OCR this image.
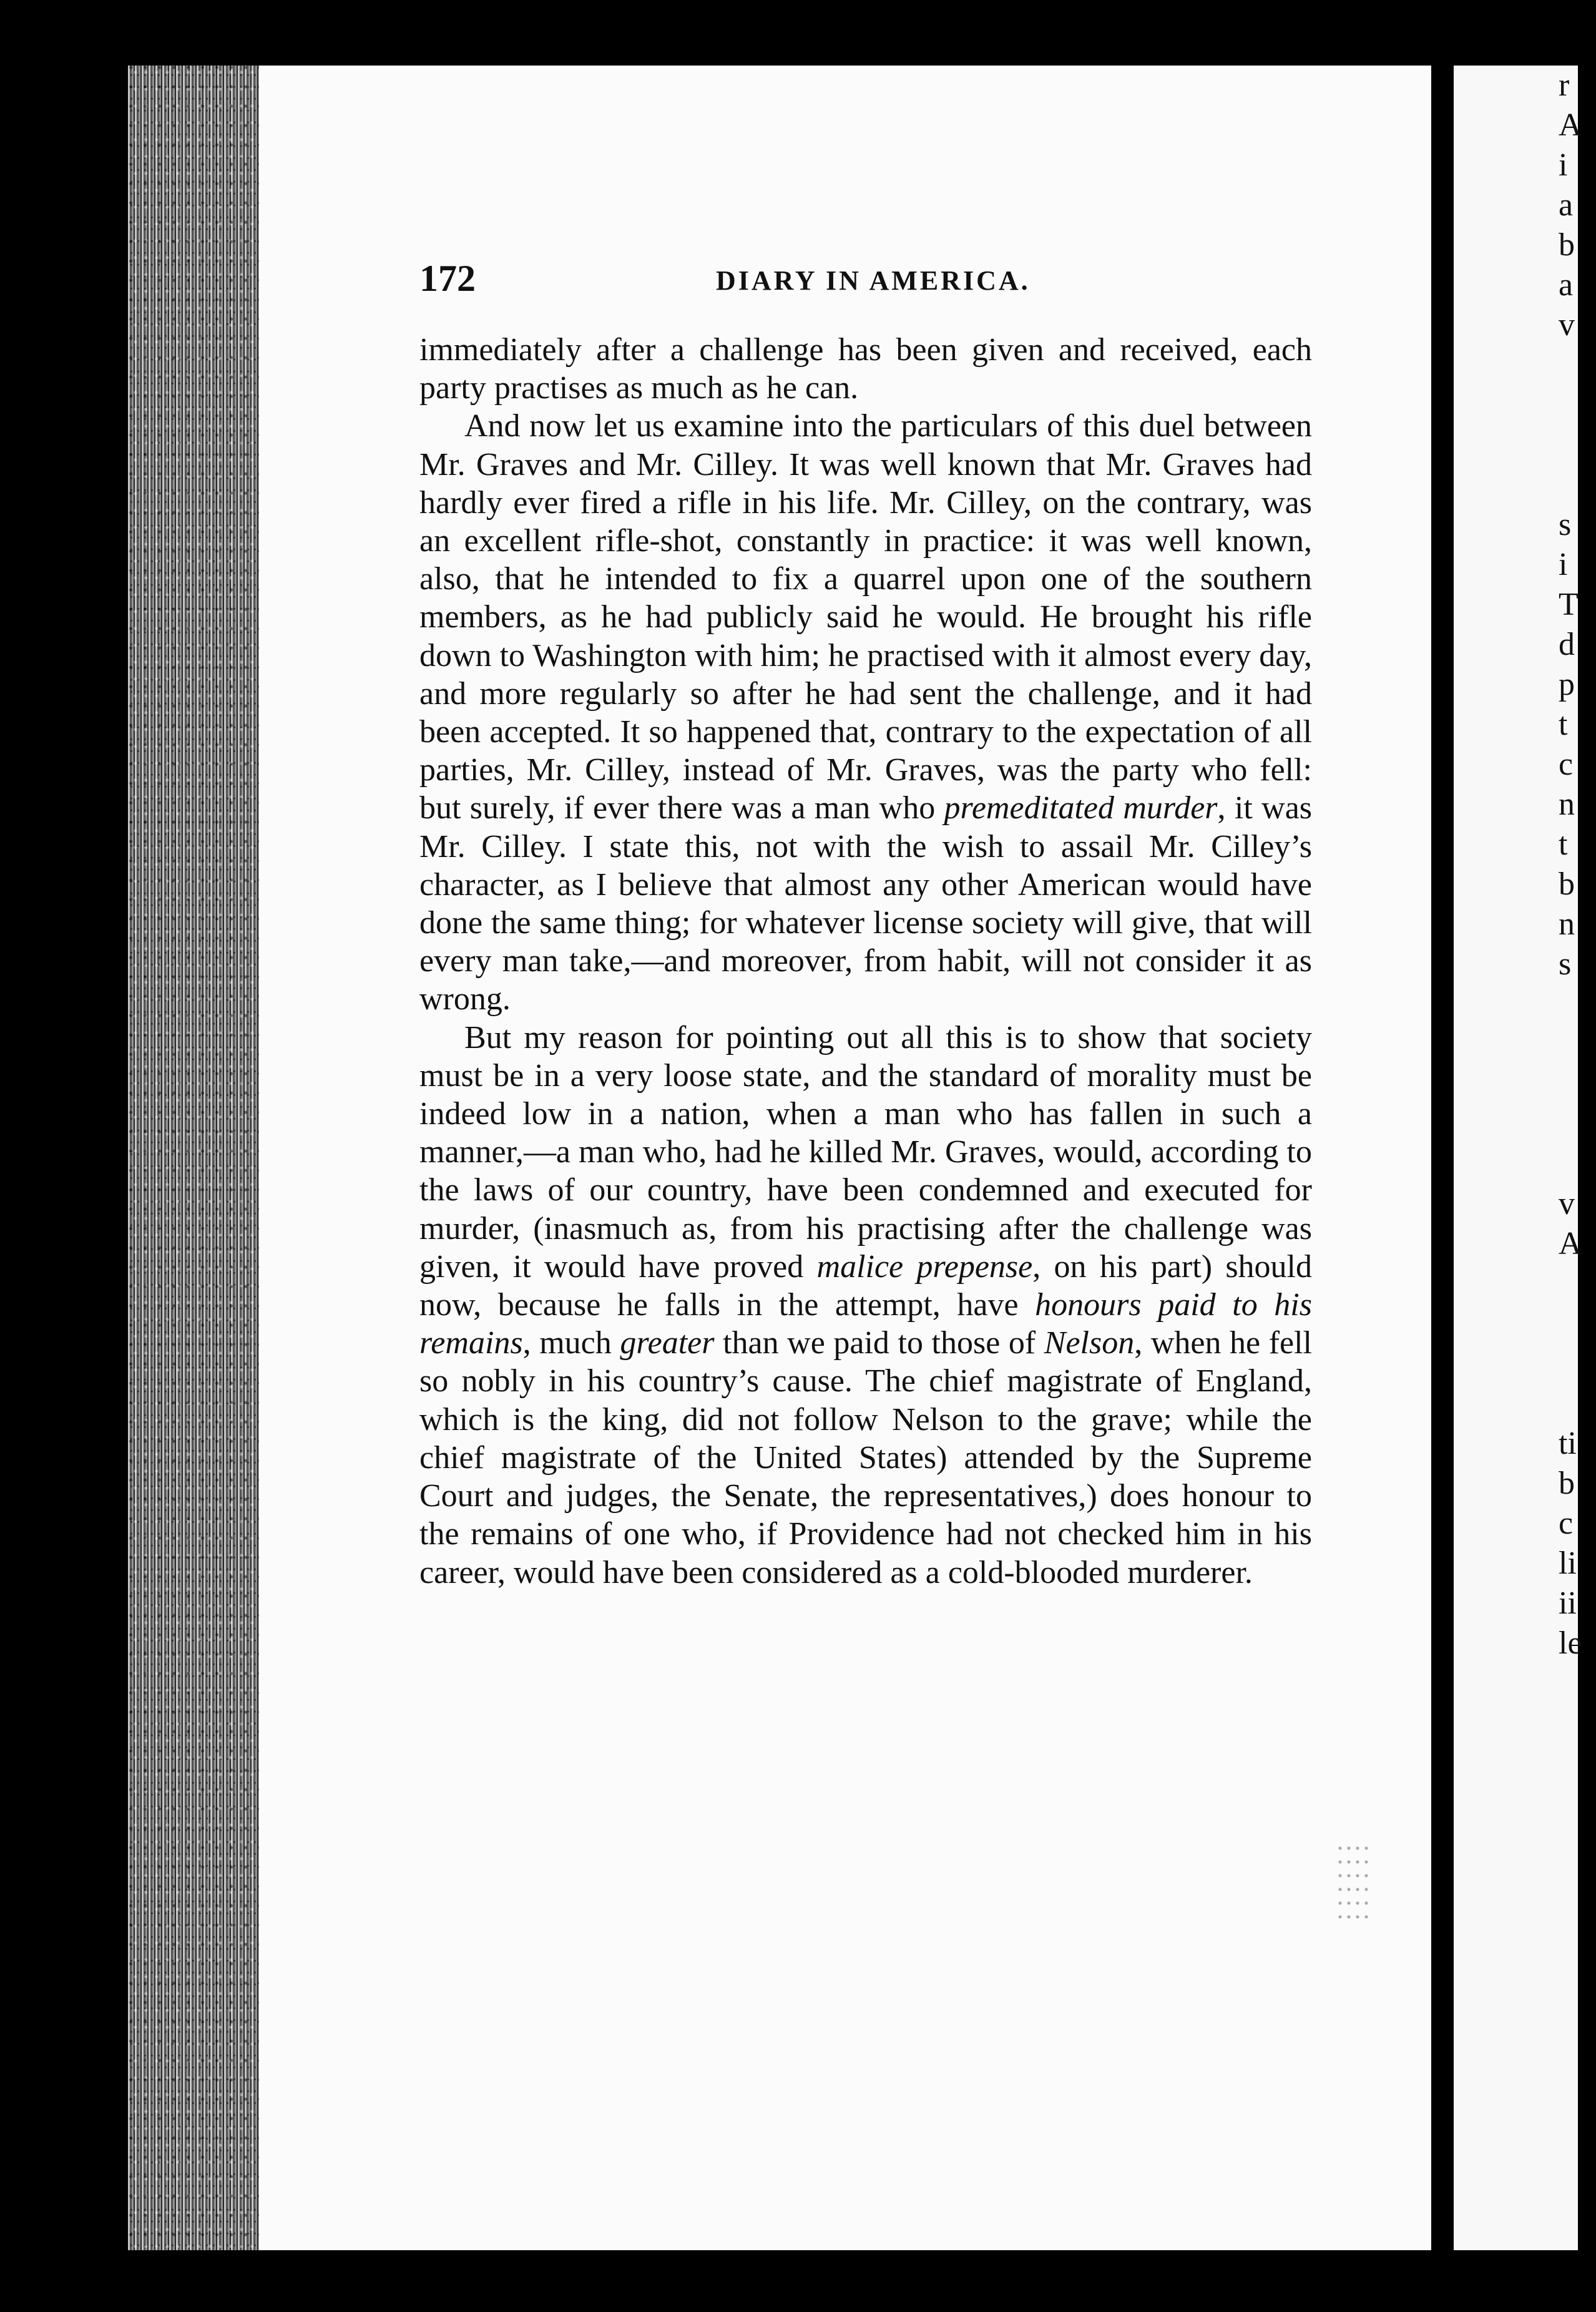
172	DIARY IN AMERICA.

immediately after a challenge has been given and received, each party practises as much as he can.

And now let us examine into the particulars of this duel between Mr. Graves and Mr. Cilley. It was well known that Mr. Graves had hardly ever fired a rifle in his life. Mr. Cilley, on the contrary, was an excellent rifle-shot, constantly in practice: it was well known, also, that he intended to fix a quarrel upon one of the southern members, as he had publicly said he would. He brought his rifle down to Washington with him; he practised with it almost every day, and more regularly so after he had sent the challenge, and it had been accepted. It so happened that, contrary to the expectation of all parties, Mr. Cilley, instead of Mr. Graves, was the party who fell: but surely, if ever there was a man who premeditated murder, it was Mr. Cilley. I state this, not with the wish to assail Mr. Cilley’s character, as I believe that almost any other American would have done the same thing; for whatever license society will give, that will every man take,—and moreover, from habit, will not consider it as wrong.

But my reason for pointing out all this is to show that society must be in a very loose state, and the standard of morality must be indeed low in a nation, when a man who has fallen in such a manner,—a man who, had he killed Mr. Graves, would, according to the laws of our country, have been condemned and executed for murder, (inasmuch as, from his practising after the challenge was given, it would have proved malice prepense, on his part) should now, because he falls in the attempt, have honours paid to his remains, much greater than we paid to those of Nelson, when he fell so nobly in his country’s cause. The chief magistrate of England, which is the king, did not follow Nelson to the grave; while the chief magistrate of the United States) attended by the Supreme Court and judges, the Senate, the representatives,) does honour to the remains of one who, if Providence had not checked him in his career, would have been considered as a cold-blooded murderer.

r
A
i
a
b
a
v

s
i
T
d
p
t
c
n
t
b
n
s

v
A

ti
b
c
li
ii
le
